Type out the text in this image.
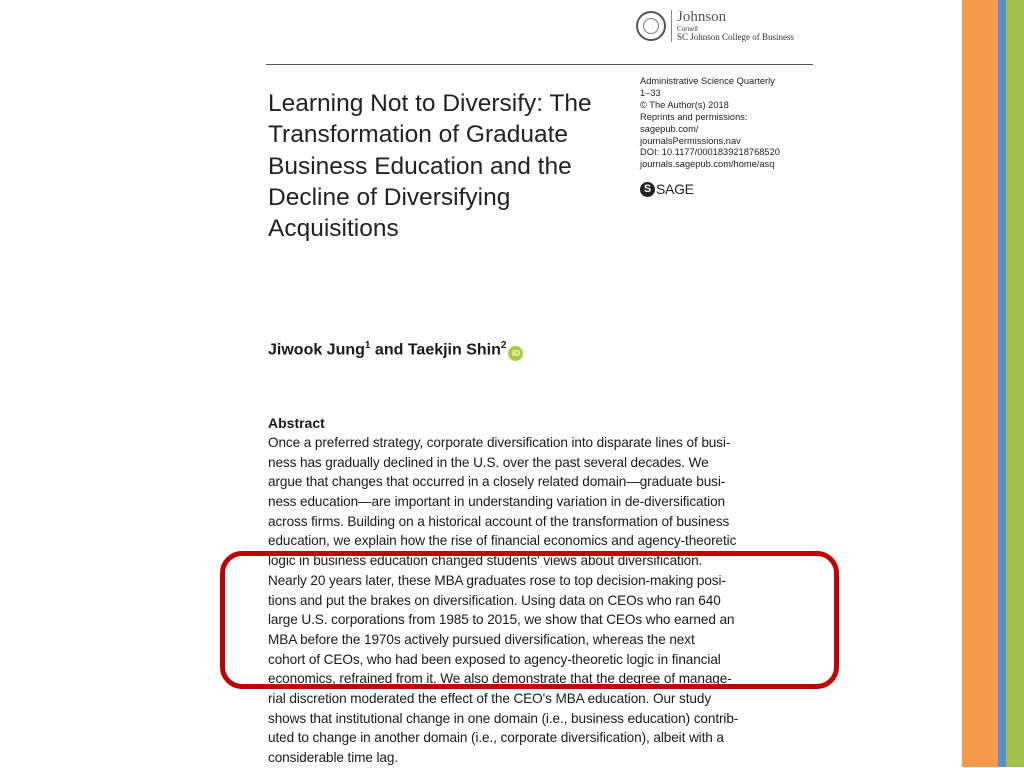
Johnson
Cornell
SC Johnson College of Business
Learning Not to Diversify: The Transformation of Graduate Business Education and the Decline of Diversifying Acquisitions
Administrative Science Quarterly
1–33
© The Author(s) 2018
Reprints and permissions:
sagepub.com/
journalsPermissions.nav
DOI: 10.1177/0001839218768520
journals.sagepub.com/home/asq
S SAGE
Jiwook Jung$^1$ and Taekjin Shin$^2$iD
Abstract
Once a preferred strategy, corporate diversification into disparate lines of busi-
ness has gradually declined in the U.S. over the past several decades. We
argue that changes that occurred in a closely related domain—graduate busi-
ness education—are important in understanding variation in de-diversification
across firms. Building on a historical account of the transformation of business
education, we explain how the rise of financial economics and agency-theoretic
logic in business education changed students' views about diversification.
Nearly 20 years later, these MBA graduates rose to top decision-making posi-
tions and put the brakes on diversification. Using data on CEOs who ran 640
large U.S. corporations from 1985 to 2015, we show that CEOs who earned an
MBA before the 1970s actively pursued diversification, whereas the next
cohort of CEOs, who had been exposed to agency-theoretic logic in financial
economics, refrained from it. We also demonstrate that the degree of manage-
rial discretion moderated the effect of the CEO's MBA education. Our study
shows that institutional change in one domain (i.e., business education) contrib-
uted to change in another domain (i.e., corporate diversification), albeit with a
considerable time lag.
